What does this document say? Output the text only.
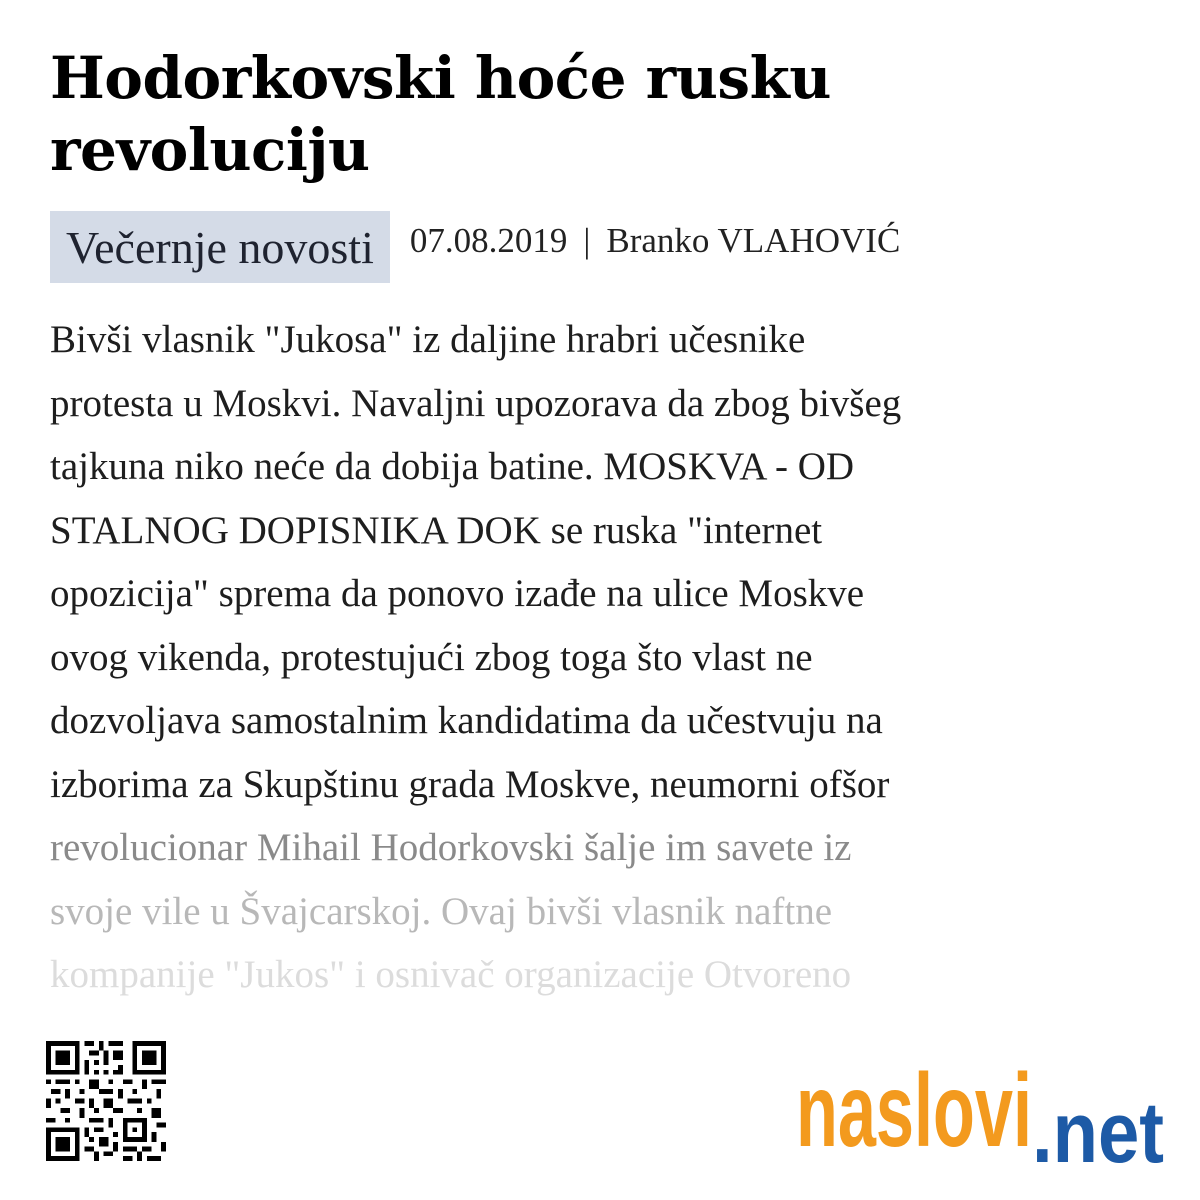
Hodorkovski hoće rusku revoluciju
Večernje novosti	07.08.2019 | Branko VLAHOVIĆ

Bivši vlasnik "Jukosa" iz daljine hrabri učesnike
protesta u Moskvi. Navaljni upozorava da zbog bivšeg
tajkuna niko neće da dobija batine. MOSKVA - OD
STALNOG DOPISNIKA DOK se ruska "internet
opozicija" sprema da ponovo izađe na ulice Moskve
ovog vikenda, protestujući zbog toga što vlast ne
dozvoljava samostalnim kandidatima da učestvuju na
izborima za Skupštinu grada Moskve, neumorni ofšor
revolucionar Mihail Hodorkovski šalje im savete iz
svoje vile u Švajcarskoj. Ovaj bivši vlasnik naftne
kompanije "Jukos" i osnivač organizacije Otvoreno

naslovi .net
